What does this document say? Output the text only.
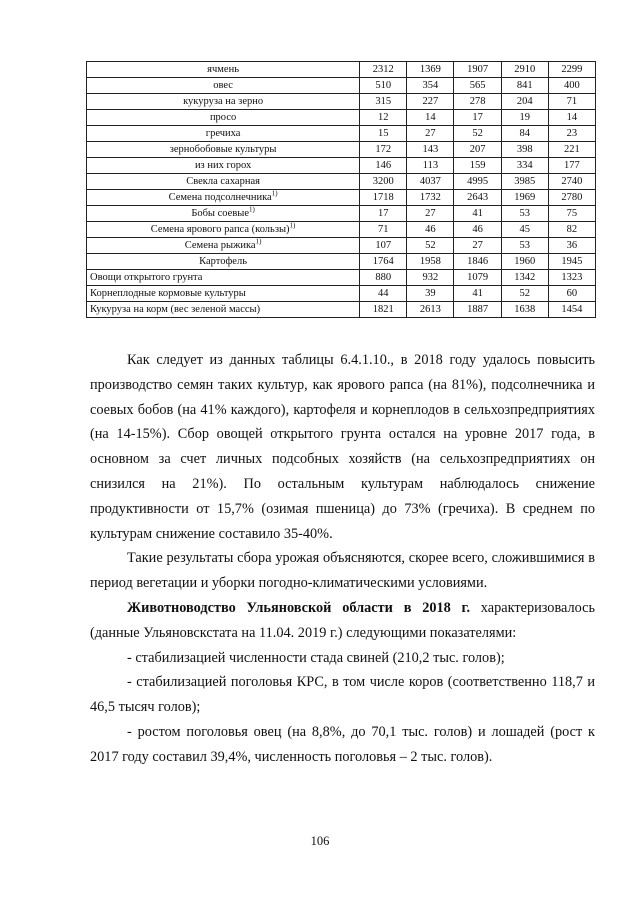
ячмень	2312	1369	1907	2910	2299
овес	510	354	565	841	400
кукуруза на зерно	315	227	278	204	71
просо	12	14	17	19	14
гречиха	15	27	52	84	23
зернобобовые культуры	172	143	207	398	221
из них горох	146	113	159	334	177
Свекла сахарная	3200	4037	4995	3985	2740
Семена подсолнечника$^{1)}$	1718	1732	2643	1969	2780
Бобы соевые$^{1)}$	17	27	41	53	75
Семена ярового рапса (кользы)$^{1)}$	71	46	46	45	82
Семена рыжика$^{1)}$	107	52	27	53	36
Картофель	1764	1958	1846	1960	1945
Овощи открытого грунта	880	932	1079	1342	1323
Корнеплодные кормовые культуры	44	39	41	52	60
Кукуруза на корм (вес зеленой массы)	1821	2613	1887	1638	1454

Как следует из данных таблицы 6.4.1.10., в 2018 году удалось повысить производство семян таких культур, как ярового рапса (на 81%), подсолнечника и соевых бобов (на 41% каждого), картофеля и корнеплодов в сельхозпредприятиях (на 14-15%). Сбор овощей открытого грунта остался на уровне 2017 года, в основном за счет личных подсобных хозяйств (на сельхозпредприятиях он снизился на 21%). По остальным культурам наблюдалось снижение продуктивности от 15,7% (озимая пшеница) до 73% (гречиха). В среднем по культурам снижение составило 35-40%.

Такие результаты сбора урожая объясняются, скорее всего, сложившимися в период вегетации и уборки погодно-климатическими условиями.

Животноводство Ульяновской области в 2018 г. характеризовалось (данные Ульяновскстата на 11.04. 2019 г.) следующими показателями:

- стабилизацией численности стада свиней (210,2 тыс. голов);

- стабилизацией поголовья КРС, в том числе коров (соответственно 118,7 и 46,5 тысяч голов);

- ростом поголовья овец (на 8,8%, до 70,1 тыс. голов) и лошадей (рост к 2017 году составил 39,4%, численность поголовья – 2 тыс. голов).

106
